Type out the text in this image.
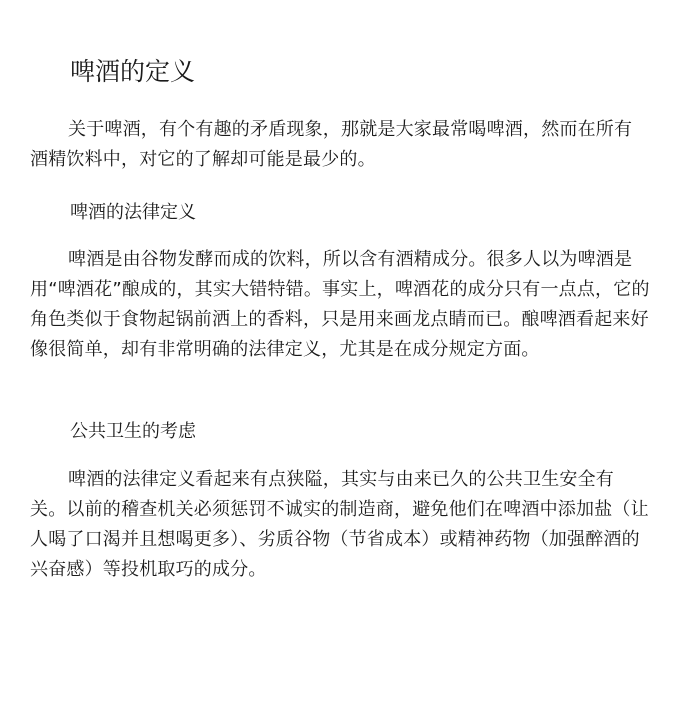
啤酒的定义

关于啤酒，有个有趣的矛盾现象，那就是大家最常喝啤酒，然而在所有酒精饮料中，对它的了解却可能是最少的。

啤酒的法律定义

啤酒是由谷物发酵而成的饮料，所以含有酒精成分。很多人以为啤酒是用“啤酒花”酿成的，其实大错特错。事实上，啤酒花的成分只有一点点，它的角色类似于食物起锅前洒上的香料，只是用来画龙点睛而已。酿啤酒看起来好像很简单，却有非常明确的法律定义，尤其是在成分规定方面。

公共卫生的考虑

啤酒的法律定义看起来有点狭隘，其实与由来已久的公共卫生安全有关。以前的稽查机关必须惩罚不诚实的制造商，避免他们在啤酒中添加盐（让人喝了口渴并且想喝更多）、劣质谷物（节省成本）或精神药物（加强醉酒的兴奋感）等投机取巧的成分。
